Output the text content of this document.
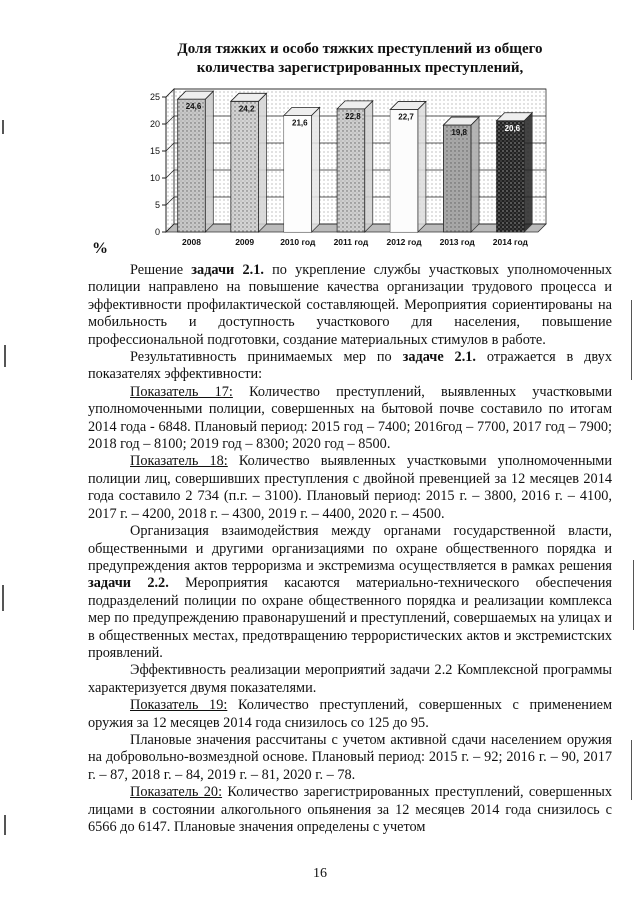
Доля тяжких и особо тяжких преступлений из общего
количества зарегистрированных преступлений,
24,6	24,2
21,6
22,8	22,7
19,8	20,6
0
5
10
15
20
25
2008	2009	2010 год 2011 год 2012 год 2013 год 2014 год
%

Решение задачи 2.1. по укрепление службы участковых уполномоченных полиции направлено на повышение качества организации трудового процесса и эффективности профилактической составляющей. Мероприятия сориентированы на мобильность и доступность участкового для населения, повышение профессиональной подготовки, создание материальных стимулов в работе.

Результативность принимаемых мер по задаче 2.1. отражается в двух показателях эффективности:

Показатель 17: Количество преступлений, выявленных участковыми уполномоченными полиции, совершенных на бытовой почве составило по итогам 2014 года - 6848. Плановый период: 2015 год – 7400; 2016год – 7700, 2017 год – 7900; 2018 год – 8100; 2019 год – 8300; 2020 год – 8500.

Показатель 18: Количество выявленных участковыми уполномоченными полиции лиц, совершивших преступления с двойной превенцией за 12 месяцев 2014 года составило 2 734 (п.г. – 3100). Плановый период: 2015 г. – 3800, 2016 г. – 4100, 2017 г. – 4200, 2018 г. – 4300, 2019 г. – 4400, 2020 г. – 4500.

Организация взаимодействия между органами государственной власти, общественными и другими организациями по охране общественного порядка и предупреждения актов терроризма и экстремизма осуществляется в рамках решения задачи 2.2. Мероприятия касаются материально-технического обеспечения подразделений полиции по охране общественного порядка и реализации комплекса мер по предупреждению правонарушений и преступлений, совершаемых на улицах и в общественных местах, предотвращению террористических актов и экстремистских проявлений.

Эффективность реализации мероприятий задачи 2.2 Комплексной программы характеризуется двумя показателями.

Показатель 19: Количество преступлений, совершенных с применением оружия за 12 месяцев 2014 года снизилось со 125 до 95.

Плановые значения рассчитаны с учетом активной сдачи населением оружия на добровольно-возмездной основе. Плановый период: 2015 г. – 92; 2016 г. – 90, 2017 г. – 87, 2018 г. – 84, 2019 г. – 81, 2020 г. – 78.

Показатель 20: Количество зарегистрированных преступлений, совершенных лицами в состоянии алкогольного опьянения за 12 месяцев 2014 года снизилось с 6566 до 6147. Плановые значения определены с учетом

16
